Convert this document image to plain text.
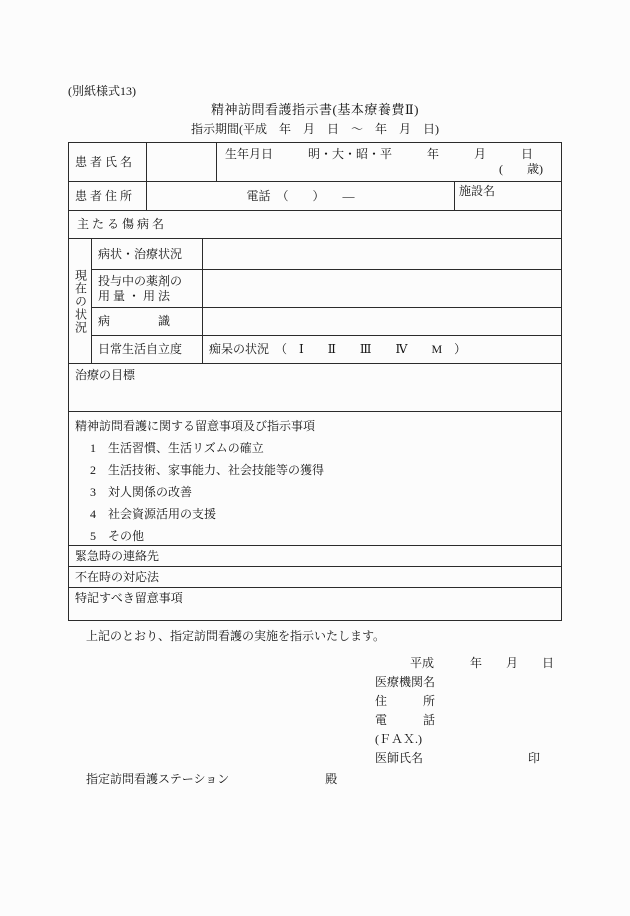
(別紙様式13)
精神訪問看護指示書(基本療養費Ⅱ)
指示期間(平成　年　月　日　～　年　月　日)
患 者 氏 名
生年月日	明・大・昭・平	年	月	日
(　　歳)
患 者 住 所	電話　（　　）　　—	施設名
主 た る 傷 病 名
現在の状況
病状・治療状況
投与中の薬剤の
用 量 ・ 用 法
病　　　　識
日常生活自立度	痴呆の状況　（　Ⅰ　　Ⅱ　　Ⅲ　　Ⅳ　　M　）
治療の目標
精神訪問看護に関する留意事項及び指示事項
1　生活習慣、生活リズムの確立
2　生活技術、家事能力、社会技能等の獲得
3　対人関係の改善
4　社会資源活用の支援
5　その他
緊急時の連絡先
不在時の対応法
特記すべき留意事項
上記のとおり、指定訪問看護の実施を指示いたします。
平成　　　年　　月　　日
医療機関名
住　　　所
電　　　話
(ＦＡＸ.)
医師氏名	印
指定訪問看護ステーション	殿
